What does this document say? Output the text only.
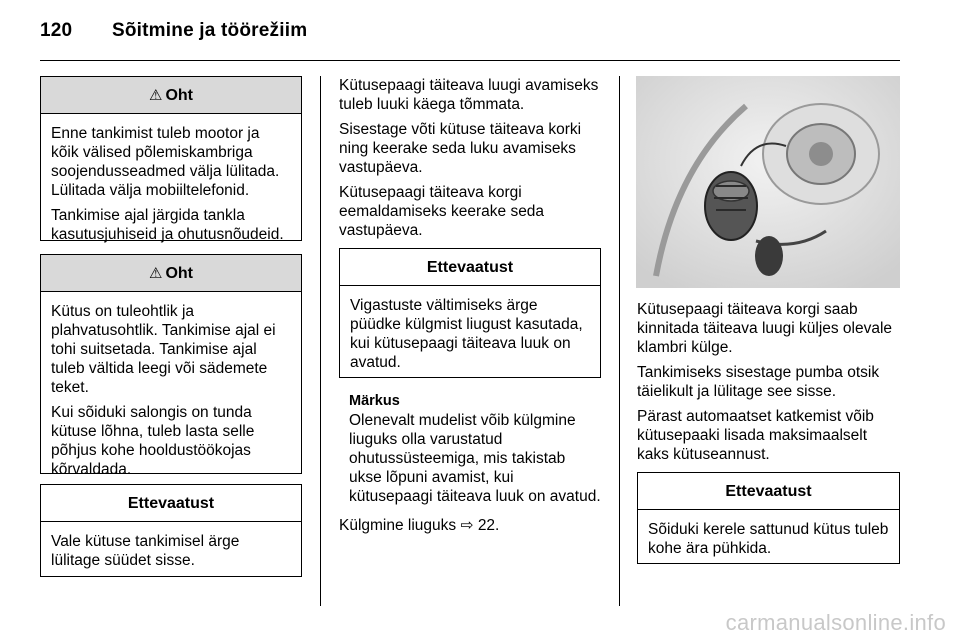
120 Sõitmine ja töörežiim
⚠ Oht

Enne tankimist tuleb mootor ja kõik välised põlemiskambriga soojendusseadmed välja lülitada. Lülitada välja mobiiltelefonid.

Tankimise ajal järgida tankla kasutusjuhiseid ja ohutusnõudeid.

⚠ Oht

Kütus on tuleohtlik ja plahvatusohtlik. Tankimise ajal ei tohi suitsetada. Tankimise ajal tuleb vältida leegi või sädemete teket.

Kui sõiduki salongis on tunda kütuse lõhna, tuleb lasta selle põhjus kohe hooldustöökojas kõrvaldada.

Ettevaatust

Vale kütuse tankimisel ärge lülitage süüdet sisse.

Kütusepaagi täiteava luugi avamiseks tuleb luuki käega tõmmata.

Sisestage võti kütuse täiteava korki ning keerake seda luku avamiseks vastupäeva.

Kütusepaagi täiteava korgi eemaldamiseks keerake seda vastupäeva.

Ettevaatust

Vigastuste vältimiseks ärge püüdke külgmist liugust kasutada, kui kütusepaagi täiteava luuk on avatud.

Märkus
Olenevalt mudelist võib külgmine liuguks olla varustatud ohutussüsteemiga, mis takistab ukse lõpuni avamist, kui kütusepaagi täiteava luuk on avatud.

Külgmine liuguks ⇨ 22.

Kütusepaagi täiteava korgi saab kinnitada täiteava luugi küljes olevale klambri külge.

Tankimiseks sisestage pumba otsik täielikult ja lülitage see sisse.

Pärast automaatset katkemist võib kütusepaaki lisada maksimaalselt kaks kütuseannust.

Ettevaatust

Sõiduki kerele sattunud kütus tuleb kohe ära pühkida.

carmanualsonline.info
